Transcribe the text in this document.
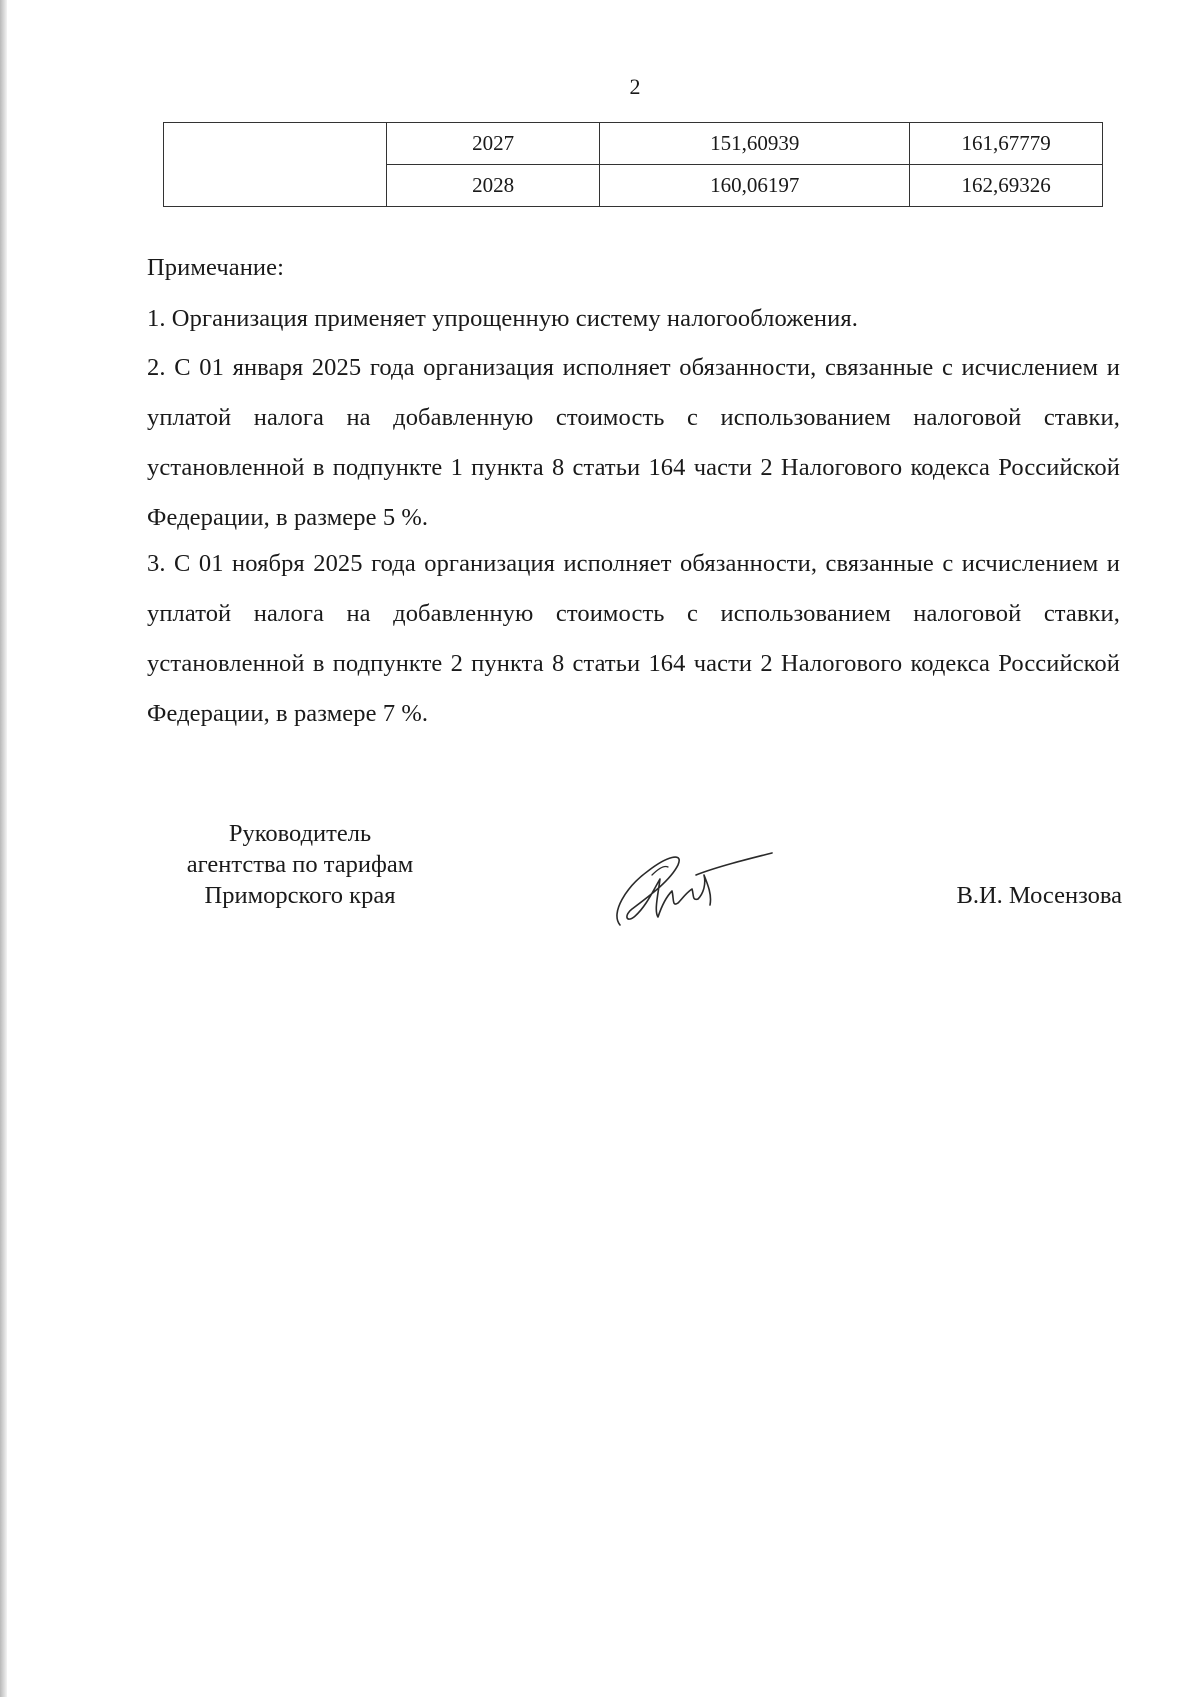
2
	2027	151,60939	161,67779
	2028	160,06197	162,69326
Примечание:
1. Организация применяет упрощенную систему налогообложения.
2. С 01 января 2025 года организация исполняет обязанности, связанные с исчислением и уплатой налога на добавленную стоимость с использованием налоговой ставки, установленной в подпункте 1 пункта 8 статьи 164 части 2 Налогового кодекса Российской Федерации, в размере 5 %.
3. С 01 ноября 2025 года организация исполняет обязанности, связанные с исчислением и уплатой налога на добавленную стоимость с использованием налоговой ставки, установленной в подпункте 2 пункта 8 статьи 164 части 2 Налогового кодекса Российской Федерации, в размере 7 %.
Руководитель
агентства по тарифам
Приморского края	В.И. Мосензова
